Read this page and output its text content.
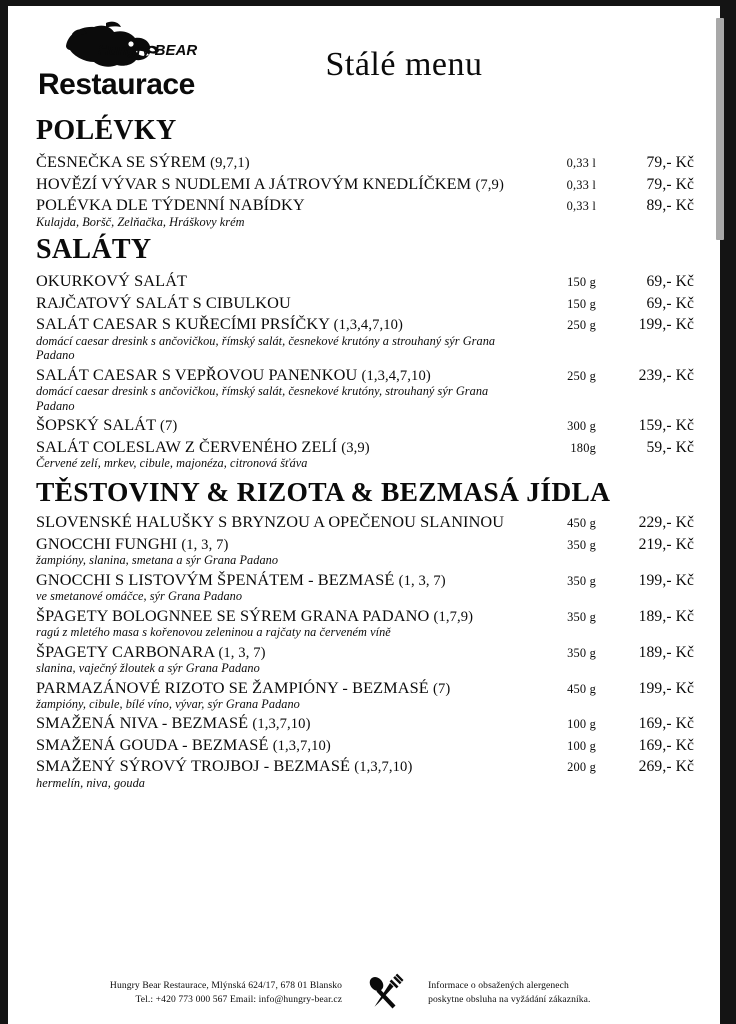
Hungry BEAR
Restaurace
Stálé menu
POLÉVKY
ČESNEČKA SE SÝREM (9,7,1)	0,33 l	79,- Kč
HOVĚZÍ VÝVAR S NUDLEMI A JÁTROVÝM KNEDLÍČKEM (7,9)	0,33 l	79,- Kč
POLÉVKA DLE TÝDENNÍ NABÍDKY	0,33 l	89,- Kč
Kulajda, Boršč, Zelňačka, Hráškovy krém
SALÁTY
OKURKOVÝ SALÁT	150 g	69,- Kč
RAJČATOVÝ SALÁT S CIBULKOU	150 g	69,- Kč
SALÁT CAESAR S KUŘECÍMI PRSÍČKY (1,3,4,7,10)	250 g	199,- Kč
domácí caesar dresink s ančovičkou, římský salát, česnekové krutóny a strouhaný sýr Grana Padano
SALÁT CAESAR S VEPŘOVOU PANENKOU (1,3,4,7,10)	250 g	239,- Kč
domácí caesar dresink s ančovičkou, římský salát, česnekové krutóny, strouhaný sýr Grana Padano
ŠOPSKÝ SALÁT (7)	300 g	159,- Kč
SALÁT COLESLAW Z ČERVENÉHO ZELÍ (3,9)	180g	59,- Kč
Červené zelí, mrkev, cibule, majonéza, citronová šťáva
TĚSTOVINY & RIZOTA & BEZMASÁ JÍDLA
SLOVENSKÉ HALUŠKY S BRYNZOU A OPEČENOU SLANINOU	450 g	229,- Kč
GNOCCHI FUNGHI (1, 3, 7)	350 g	219,- Kč
žampióny, slanina, smetana a sýr Grana Padano
GNOCCHI S LISTOVÝM ŠPENÁTEM - BEZMASÉ (1, 3, 7)	350 g	199,- Kč
ve smetanové omáčce, sýr Grana Padano
ŠPAGETY BOLOGNNEE SE SÝREM GRANA PADANO (1,7,9)	350 g	189,- Kč
ragú z mletého masa s kořenovou zeleninou a rajčaty na červeném víně
ŠPAGETY CARBONARA (1, 3, 7)	350 g	189,- Kč
slanina, vaječný žloutek a sýr Grana Padano
PARMAZÁNOVÉ RIZOTO SE ŽAMPIÓNY - BEZMASÉ (7)	450 g	199,- Kč
žampióny, cibule, bílé víno, vývar, sýr Grana Padano
SMAŽENÁ NIVA - BEZMASÉ (1,3,7,10)	100 g	169,- Kč
SMAŽENÁ GOUDA - BEZMASÉ (1,3,7,10)	100 g	169,- Kč
SMAŽENÝ SÝROVÝ TROJBOJ - BEZMASÉ (1,3,7,10)	200 g	269,- Kč
hermelín, niva, gouda
Hungry Bear Restaurace, Mlýnská 624/17, 678 01 Blansko
Tel.: +420 773 000 567 Email: info@hungry-bear.cz
Informace o obsažených alergenech
poskytne obsluha na vyžádání zákazníka.
